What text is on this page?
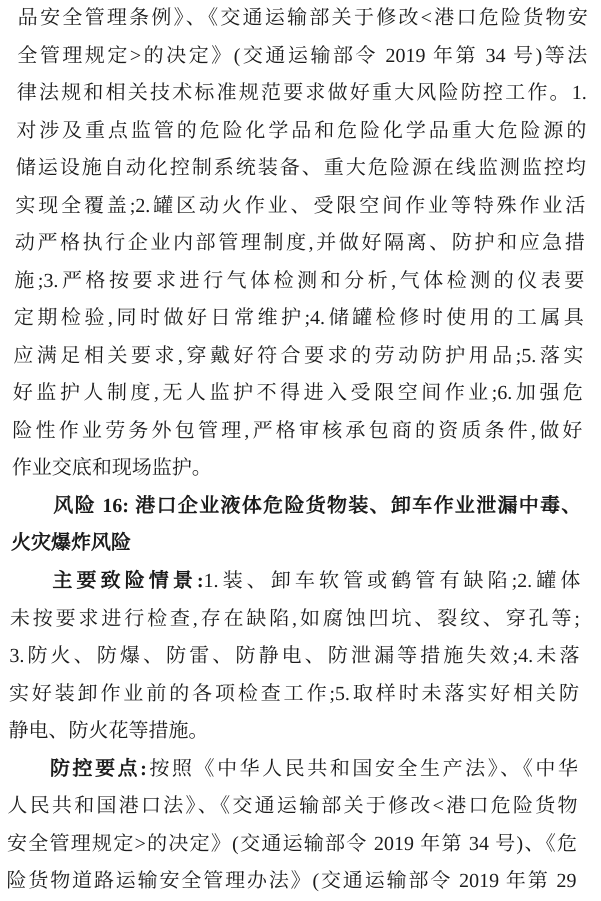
品安全管理条例》、《交通运输部关于修改<港口危险货物安
全管理规定>的决定》(交通运输部令 2019 年第 34 号)等法
律法规和相关技术标准规范要求做好重大风险防控工作。1.
对涉及重点监管的危险化学品和危险化学品重大危险源的
储运设施自动化控制系统装备、重大危险源在线监测监控均
实现全覆盖;2.罐区动火作业、受限空间作业等特殊作业活
动严格执行企业内部管理制度,并做好隔离、防护和应急措
施;3.严格按要求进行气体检测和分析,气体检测的仪表要
定期检验,同时做好日常维护;4.储罐检修时使用的工属具
应满足相关要求,穿戴好符合要求的劳动防护用品;5.落实
好监护人制度,无人监护不得进入受限空间作业;6.加强危
险性作业劳务外包管理,严格审核承包商的资质条件,做好
作业交底和现场监护。
风险 16: 港口企业液体危险货物装、卸车作业泄漏中毒、
火灾爆炸风险
主要致险情景:1.装、卸车软管或鹤管有缺陷;2.罐体
未按要求进行检查,存在缺陷,如腐蚀凹坑、裂纹、穿孔等;
3.防火、防爆、防雷、防静电、防泄漏等措施失效;4.未落
实好装卸作业前的各项检查工作;5.取样时未落实好相关防
静电、防火花等措施。
防控要点:按照《中华人民共和国安全生产法》、《中华
人民共和国港口法》、《交通运输部关于修改<港口危险货物
安全管理规定>的决定》(交通运输部令 2019 年第 34 号)、《危
险货物道路运输安全管理办法》(交通运输部令 2019 年第 29
